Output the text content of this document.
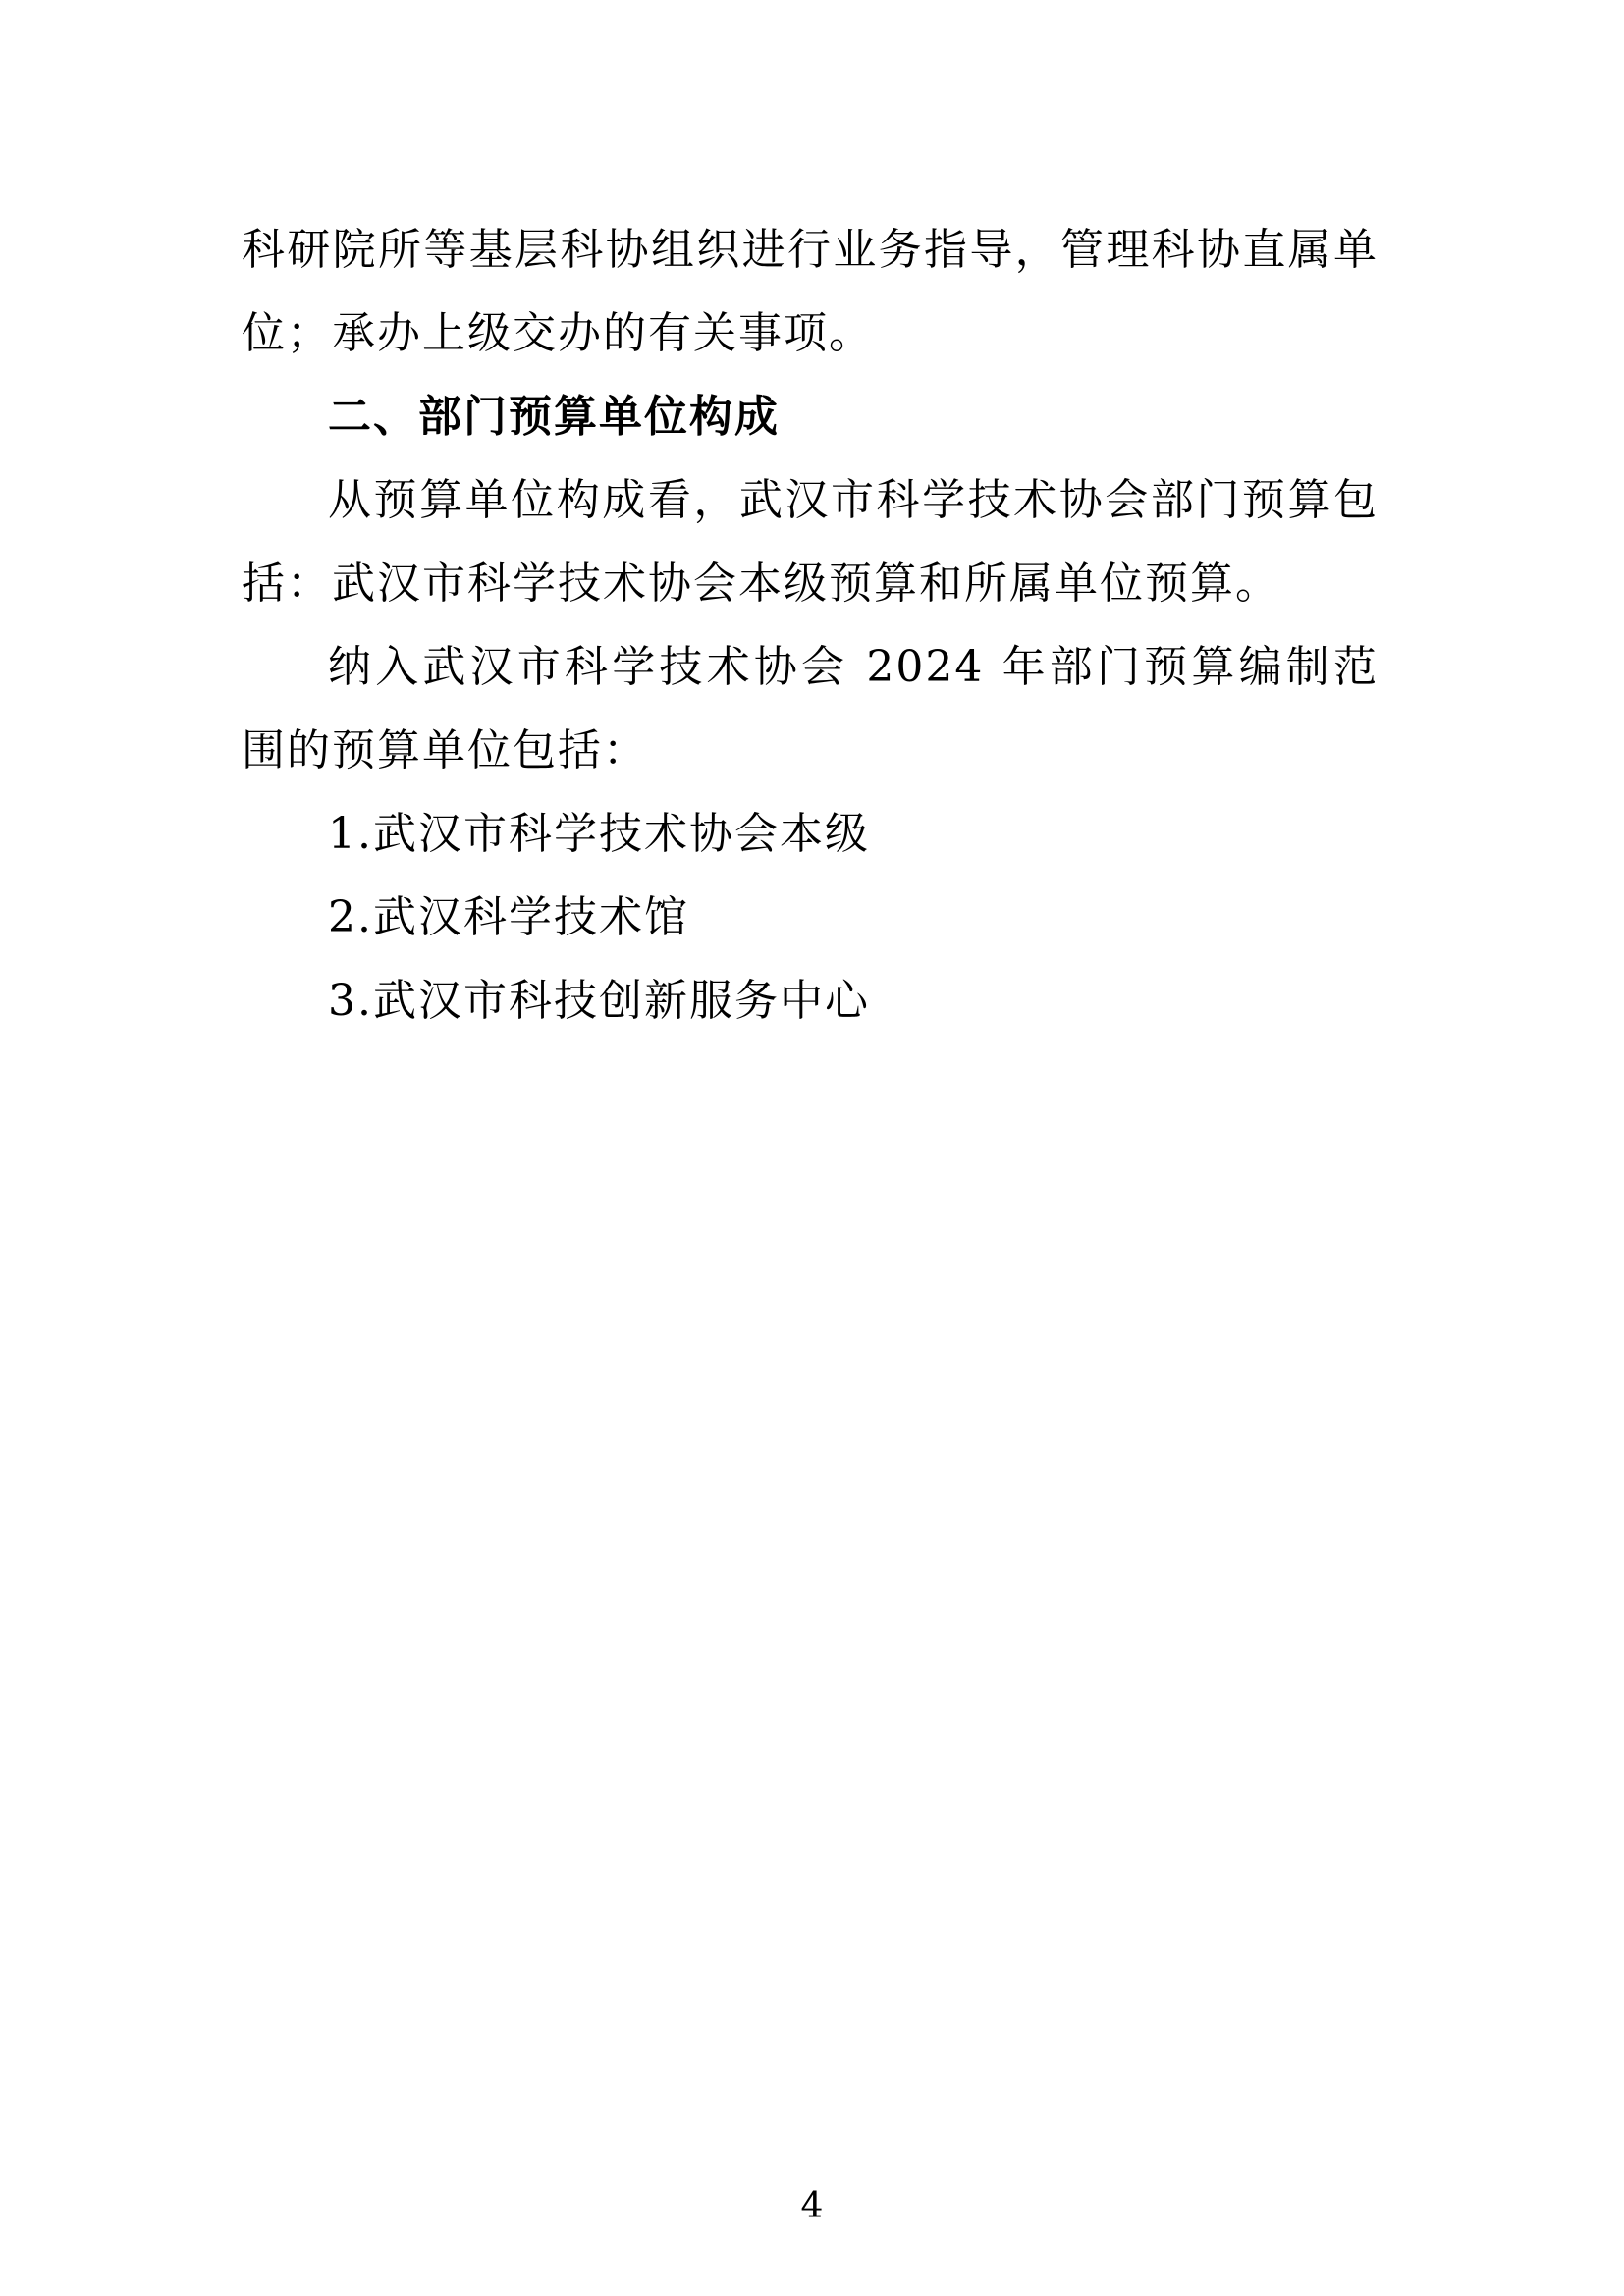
科研院所等基层科协组织进行业务指导，管理科协直属单位；承办上级交办的有关事项。

二、部门预算单位构成

从预算单位构成看，武汉市科学技术协会部门预算包括：武汉市科学技术协会本级预算和所属单位预算。

纳入武汉市科学技术协会 2024 年部门预算编制范围的预算单位包括：

1.武汉市科学技术协会本级
2.武汉科学技术馆
3.武汉市科技创新服务中心
4
